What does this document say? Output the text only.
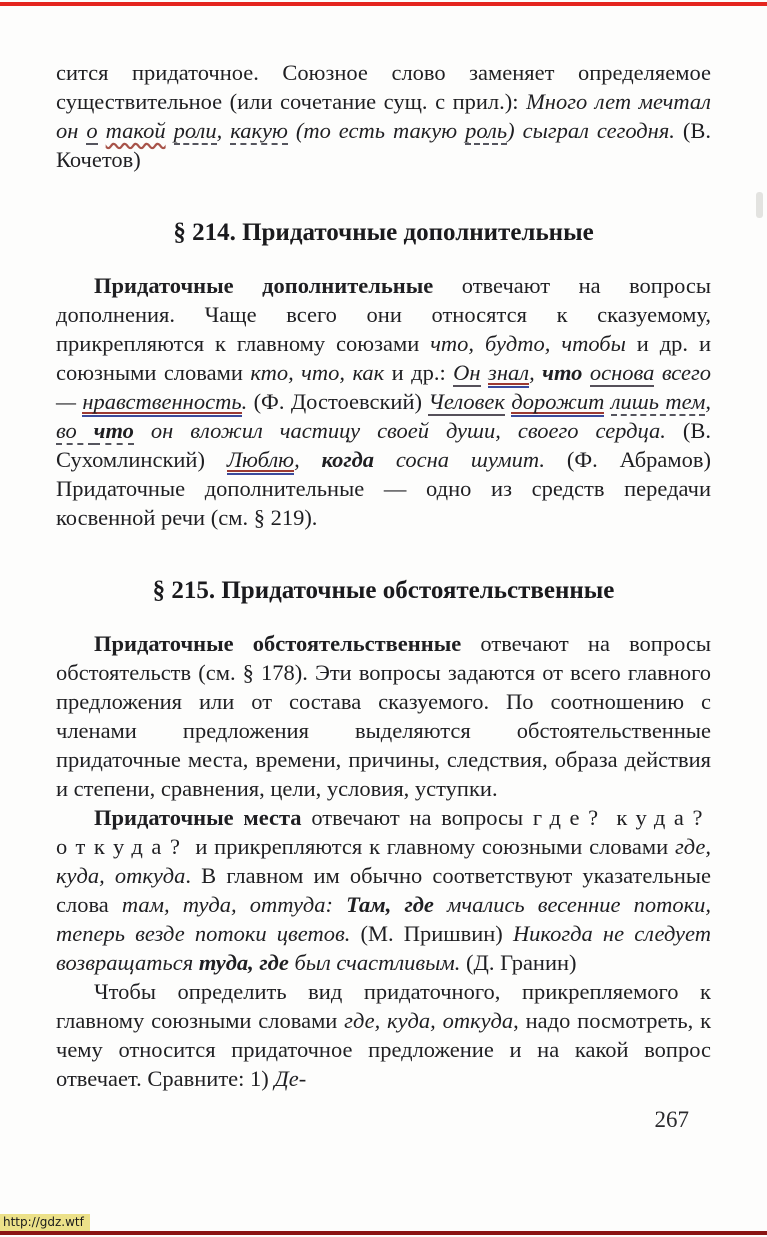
сится придаточное. Союзное слово заменяет определяемое существительное (или сочетание сущ. с прил.): Много лет мечтал он о такой роли, какую (то есть такую роль) сыграл сегодня. (В. Кочетов)

§ 214. Придаточные дополнительные

Придаточные дополнительные отвечают на вопросы дополнения. Чаще всего они относятся к сказуемому, прикрепляются к главному союзами что, будто, чтобы и др. и союзными словами кто, что, как и др.: Он знал, что основа всего — нравственность. (Ф. Достоевский) Человек дорожит лишь тем, во что он вложил частицу своей души, своего сердца. (В. Сухомлинский) Люблю, когда сосна шумит. (Ф. Абрамов) Придаточные дополнительные — одно из средств передачи косвенной речи (см. § 219).

§ 215. Придаточные обстоятельственные

Придаточные обстоятельственные отвечают на вопросы обстоятельств (см. § 178). Эти вопросы задаются от всего главного предложения или от состава сказуемого. По соотношению с членами предложения выделяются обстоятельственные придаточные места, времени, причины, следствия, образа действия и степени, сравнения, цели, условия, уступки.

Придаточные места отвечают на вопросы где? куда? откуда? и прикрепляются к главному союзными словами где, куда, откуда. В главном им обычно соответствуют указательные слова там, туда, оттуда: Там, где мчались весенние потоки, теперь везде потоки цветов. (М. Пришвин) Никогда не следует возвращаться туда, где был счастливым. (Д. Гранин)

Чтобы определить вид придаточного, прикрепляемого к главному союзными словами где, куда, откуда, надо посмотреть, к чему относится придаточное предложение и на какой вопрос отвечает. Сравните: 1) Де-

267
http://gdz.wtf
